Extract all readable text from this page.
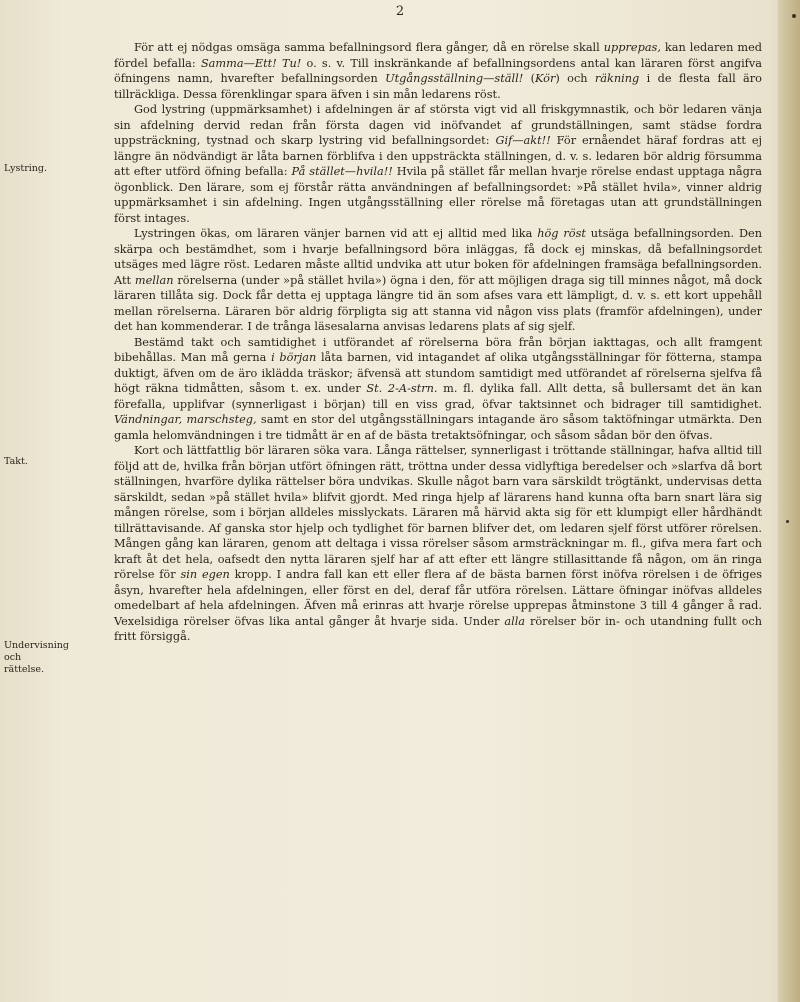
2
Lystring.
Takt.
Undervisning
och rättelse.

För att ej nödgas omsäga samma befallningsord flera gånger, då en rörelse skall upprepas, kan ledaren med fördel befalla: Samma—Ett! Tu! o. s. v. Till inskränkande af befallningsordens antal kan läraren först angifva öfningens namn, hvarefter befallningsorden Utgångsställning—ställ! (Kör) och räkning i de flesta fall äro tillräckliga. Dessa förenklingar spara äfven i sin mån ledarens röst.

God lystring (uppmärksamhet) i afdelningen är af största vigt vid all friskgymnastik, och bör ledaren vänja sin afdelning dervid redan från första dagen vid inöfvandet af grundställningen, samt städse fordra uppsträckning, tystnad och skarp lystring vid befallningsordet: Gif—akt!! För ernåendet häraf fordras att ej längre än nödvändigt är låta barnen förblifva i den uppsträckta ställningen, d. v. s. ledaren bör aldrig försumma att efter utförd öfning befalla: På stället—hvila!! Hvila på stället får mellan hvarje rörelse endast upptaga några ögonblick. Den lärare, som ej förstår rätta användningen af befallningsordet: »På stället hvila», vinner aldrig uppmärksamhet i sin afdelning. Ingen utgångsställning eller rörelse må företagas utan att grundställningen först intages.

Lystringen ökas, om läraren vänjer barnen vid att ej alltid med lika hög röst utsäga befallningsorden. Den skärpa och bestämdhet, som i hvarje befallningsord böra inläggas, få dock ej minskas, då befallningsordet utsäges med lägre röst. Ledaren måste alltid undvika att utur boken för afdelningen framsäga befallningsorden. Att mellan rörelserna (under »på stället hvila») ögna i den, för att möjligen draga sig till minnes något, må dock läraren tillåta sig. Dock får detta ej upptaga längre tid än som afses vara ett lämpligt, d. v. s. ett kort uppehåll mellan rörelserna. Läraren bör aldrig förpligta sig att stanna vid någon viss plats (framför afdelningen), under det han kommenderar. I de trånga läsesalarna anvisas ledarens plats af sig sjelf.

Bestämd takt och samtidighet i utförandet af rörelserna böra från början iakttagas, och allt framgent bibehållas. Man må gerna i början låta barnen, vid intagandet af olika utgångsställningar för fötterna, stampa duktigt, äfven om de äro iklädda träskor; äfvensä att stundom samtidigt med utförandet af rörelserna sjelfva få högt räkna tidmåtten, såsom t. ex. under St. 2-A-strn. m. fl. dylika fall. Allt detta, så bullersamt det än kan förefalla, upplifvar (synnerligast i början) till en viss grad, öfvar taktsinnet och bidrager till samtidighet. Vändningar, marschsteg, samt en stor del utgångsställningars intagande äro såsom taktöfningar utmärkta. Den gamla helomvändningen i tre tidmått är en af de bästa tretaktsöfningar, och såsom sådan bör den öfvas.

Kort och lättfattlig bör läraren söka vara. Långa rättelser, synnerligast i tröttande ställningar, hafva alltid till följd att de, hvilka från början utfört öfningen rätt, tröttna under dessa vidlyftiga beredelser och »slarfva då bort ställningen, hvarföre dylika rättelser böra undvikas. Skulle något barn vara särskildt trögtänkt, undervisas detta särskildt, sedan »på stället hvila» blifvit gjordt. Med ringa hjelp af lärarens hand kunna ofta barn snart lära sig mången rörelse, som i början alldeles misslyckats. Läraren må härvid akta sig för ett klumpigt eller hårdhändt tillrättavisande. Af ganska stor hjelp och tydlighet för barnen blifver det, om ledaren sjelf först utförer rörelsen. Mången gång kan läraren, genom att deltaga i vissa rörelser såsom armsträckningar m. fl., gifva mera fart och kraft åt det hela, oafsedt den nytta läraren sjelf har af att efter ett längre stillasittande få någon, om än ringa rörelse för sin egen kropp. I andra fall kan ett eller flera af de bästa barnen först inöfva rörelsen i de öfriges åsyn, hvarefter hela afdelningen, eller först en del, deraf får utföra rörelsen. Lättare öfningar inöfvas alldeles omedelbart af hela afdelningen. Äfven må erinras att hvarje rörelse upprepas åtminstone 3 till 4 gånger å rad. Vexelsidiga rörelser öfvas lika antal gånger åt hvarje sida. Under alla rörelser bör in- och utandning fullt och fritt försiggå.
